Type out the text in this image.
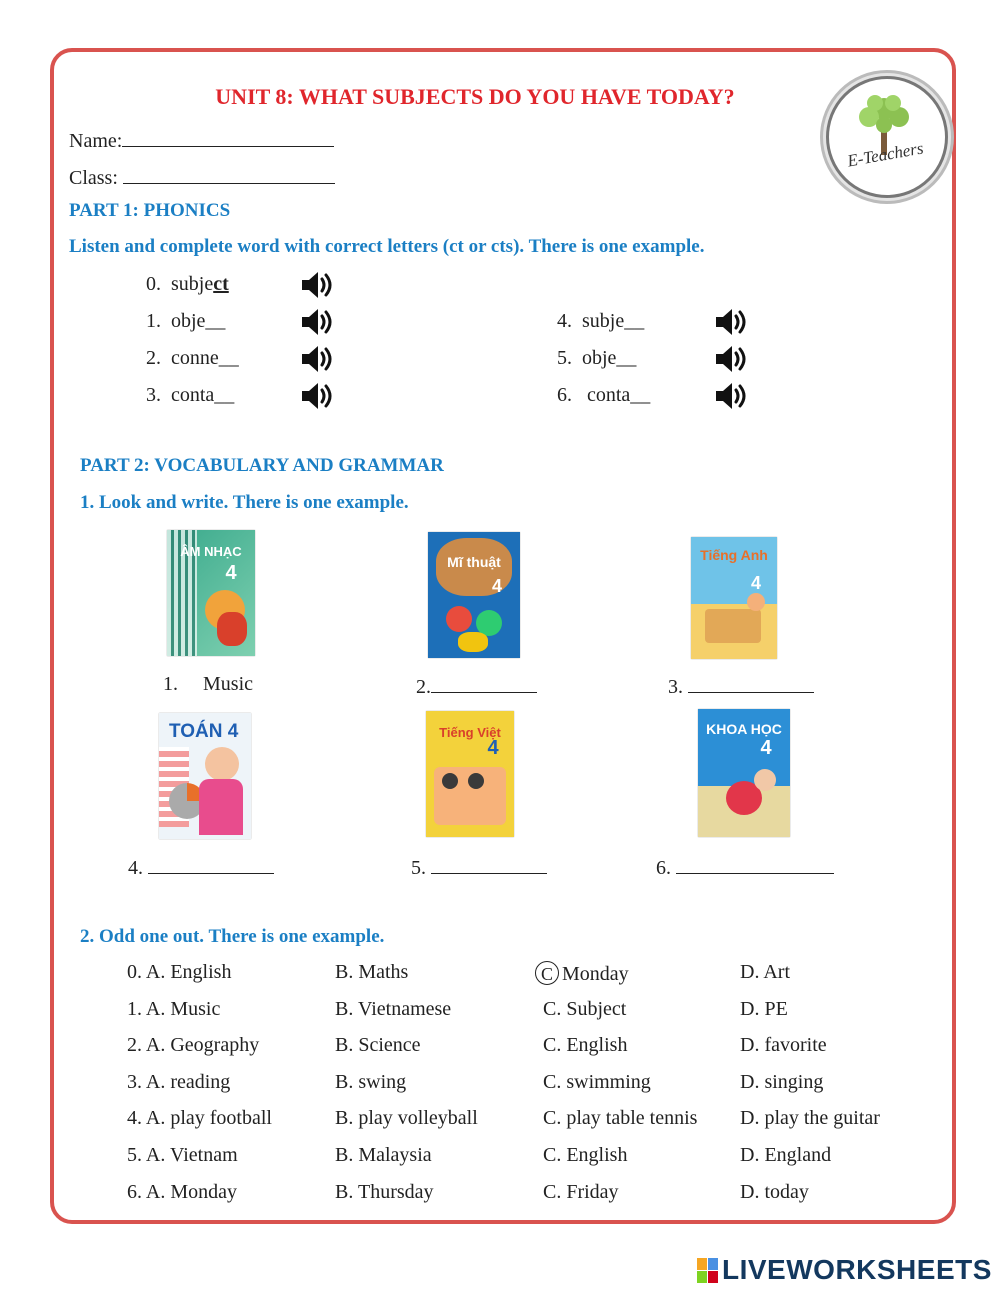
UNIT 8: WHAT SUBJECTS DO YOU HAVE TODAY?
E-Teachers
Name:
Class:
PART 1: PHONICS
Listen and complete word with correct letters (ct or cts). There is one example.
0. subject
1. obje__
2. conne__
3. conta__
4. subje__
5. obje__
6. conta__
PART 2: VOCABULARY AND GRAMMAR
1. Look and write. There is one example.
ÂM NHẠC
4	Mĩ thuật
4
Tiếng Anh
4
1. Music	2.	3.
TOÁN 4	Tiếng Việt
4
KHOA HỌC
4
4.	5.	6.
2. Odd one out. There is one example.
0. A. English	B. Maths	C Monday	D. Art
1. A. Music	B. Vietnamese	C. Subject	D. PE
2. A. Geography	B. Science	C. English	D. favorite
3. A. reading	B. swing	C. swimming	D. singing
4. A. play football	B. play volleyball	C. play table tennis D. play the guitar
5. A. Vietnam	B. Malaysia	C. English	D. England
6. A. Monday	B. Thursday	C. Friday	D. today
LIVEWORKSHEETS
